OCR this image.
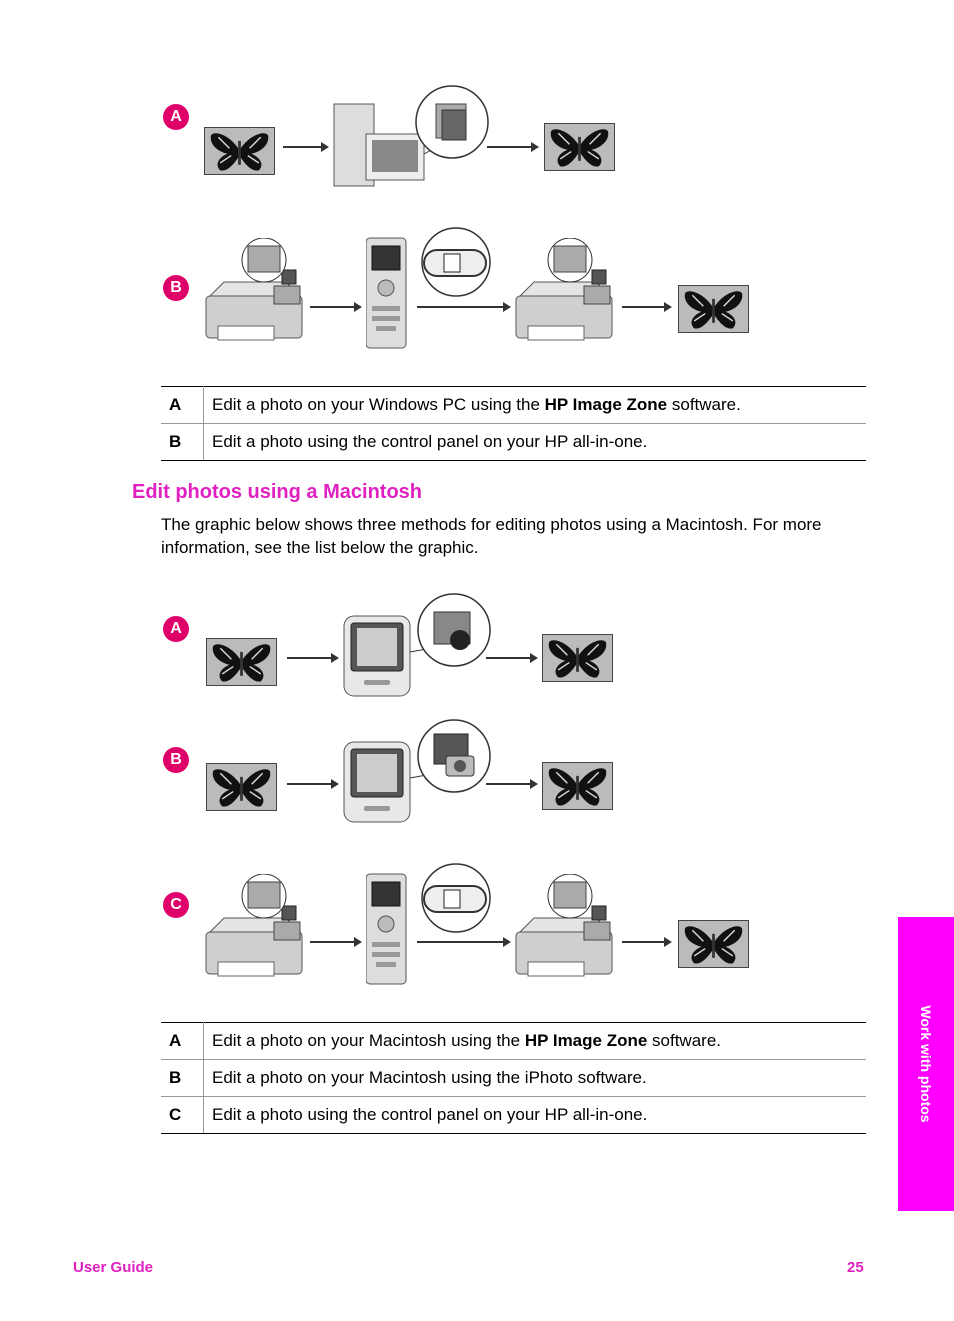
A
B
A	Edit a photo on your Windows PC using the HP Image Zone software.
B	Edit a photo using the control panel on your HP all-in-one.
Edit photos using a Macintosh
The graphic below shows three methods for editing photos using a Macintosh. For more information, see the list below the graphic.
A
B
C
A	Edit a photo on your Macintosh using the HP Image Zone software.
B	Edit a photo on your Macintosh using the iPhoto software.
C	Edit a photo using the control panel on your HP all-in-one.	Work with photos
User Guide	25
